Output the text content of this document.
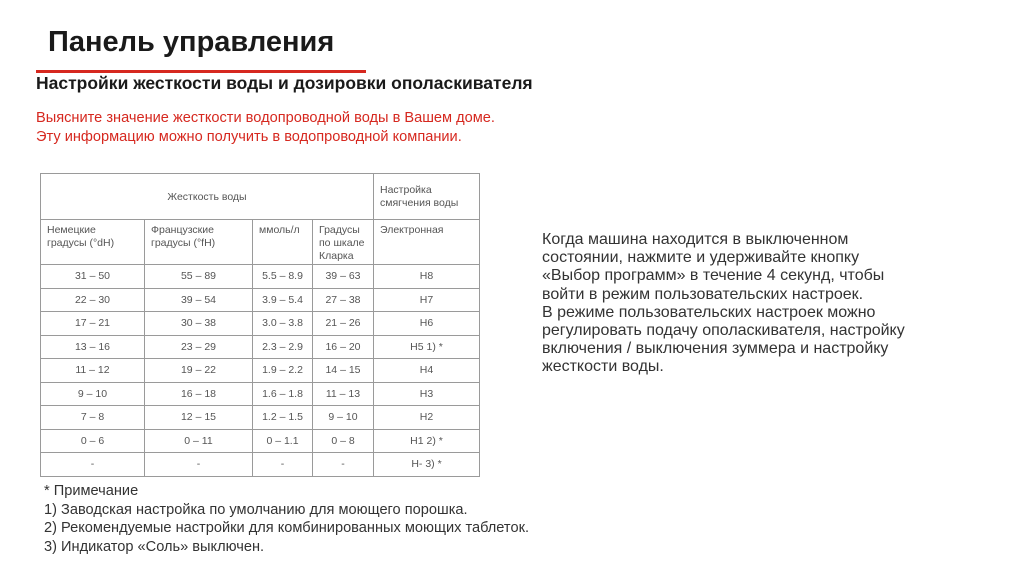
Панель управления
Настройки жесткости воды и дозировки ополаскивателя
Выясните значение жесткости водопроводной воды в Вашем доме.
Эту информацию можно получить в водопроводной компании.
Жесткость воды				Настройка смягчения воды
Немецкие градусы (°dH)	Французские градусы (°fH)	ммоль/л	Градусы по шкале Кларка	Электронная
31 – 50	55 – 89	5.5 – 8.9	39 – 63	H8
22 – 30	39 – 54	3.9 – 5.4	27 – 38	H7
17 – 21	30 – 38	3.0 – 3.8	21 – 26	H6
13 – 16	23 – 29	2.3 – 2.9	16 – 20	H5 1) *
11 – 12	19 – 22	1.9 – 2.2	14 – 15	H4
9 – 10	16 – 18	1.6 – 1.8	11 – 13	H3
7 – 8	12 – 15	1.2 – 1.5	9 – 10	H2
0 – 6	0 – 11	0 – 1.1	0 – 8	H1 2) *
-	-	-	-	H- 3) *
* Примечание
1) Заводская настройка по умолчанию для моющего порошка.
2) Рекомендуемые настройки для комбинированных моющих таблеток.
3) Индикатор «Соль» выключен.
Когда машина находится в выключенном
состоянии, нажмите и удерживайте кнопку
«Выбор программ» в течение 4 секунд, чтобы
войти в режим пользовательских настроек.
В режиме пользовательских настроек можно
регулировать подачу ополаскивателя, настройку
включения / выключения зуммера и настройку
жесткости воды.
